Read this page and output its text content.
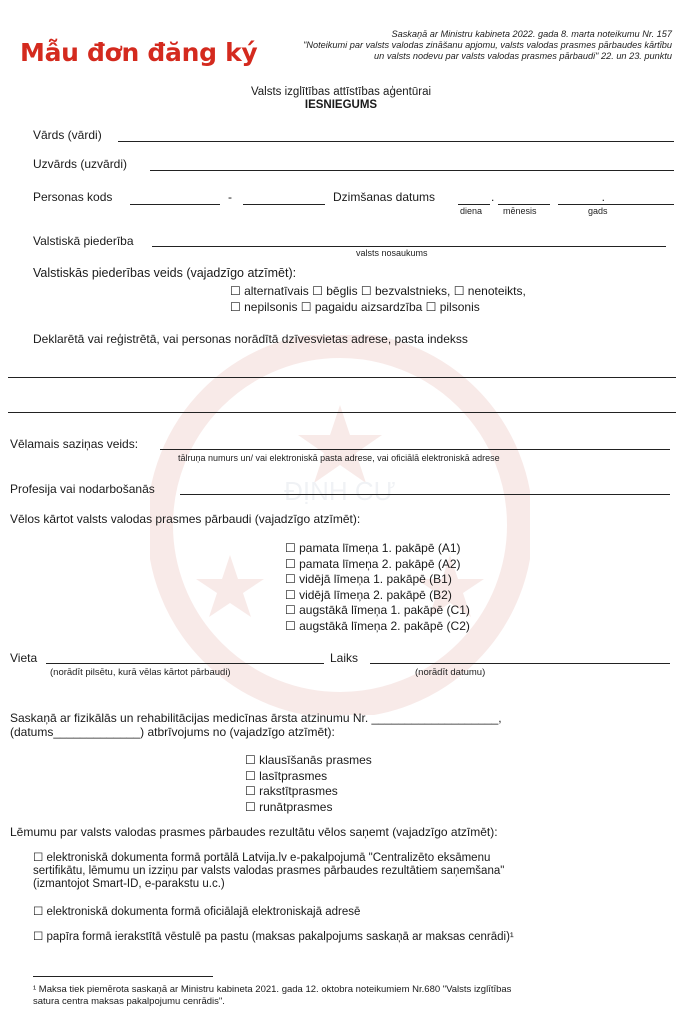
ĐỊNH CƯ
Mẫu đơn đăng ký
Saskaņā ar Ministru kabineta 2022. gada 8. marta noteikumu Nr. 157
"Noteikumi par valsts valodas zināšanu apjomu, valsts valodas prasmes pārbaudes kārtību
un valsts nodevu par valsts valodas prasmes pārbaudi" 22. un 23. punktu
Valsts izglītības attīstības aģentūrai
IESNIEGUMS
Vārds (vārdi)
Uzvārds (uzvārdi)
Personas kods	-	Dzimšanas datums	. .
diena mēnesis	gads
Valstiskā piederība
valsts nosaukums
Valstiskās piederības veids (vajadzīgo atzīmēt):
☐ alternatīvais ☐ bēglis ☐ bezvalstnieks, ☐ nenoteikts,
☐ nepilsonis ☐ pagaidu aizsardzība ☐ pilsonis
Deklarētā vai reģistrētā, vai personas norādītā dzīvesvietas adrese, pasta indekss
Vēlamais saziņas veids:
tālruņa numurs un/ vai elektroniskā pasta adrese, vai oficiālā elektroniskā adrese
Profesija vai nodarbošanās
Vēlos kārtot valsts valodas prasmes pārbaudi (vajadzīgo atzīmēt):
☐ pamata līmeņa 1. pakāpē (A1)
☐ pamata līmeņa 2. pakāpē (A2)
☐ vidējā līmeņa 1. pakāpē (B1)
☐ vidējā līmeņa 2. pakāpē (B2)
☐ augstākā līmeņa 1. pakāpē (C1)
☐ augstākā līmeņa 2. pakāpē (C2)
Vieta
(norādīt pilsētu, kurā vēlas kārtot pārbaudi)
Laiks
(norādīt datumu)
Saskaņā ar fizikālās un rehabilitācijas medicīnas ārsta atzinumu Nr. ___________________,
(datums_____________) atbrīvojums no (vajadzīgo atzīmēt):
☐ klausīšanās prasmes
☐ lasītprasmes
☐ rakstītprasmes
☐ runātprasmes
Lēmumu par valsts valodas prasmes pārbaudes rezultātu vēlos saņemt (vajadzīgo atzīmēt):
☐ elektroniskā dokumenta formā portālā Latvija.lv e-pakalpojumā "Centralizēto eksāmenu
sertifikātu, lēmumu un izziņu par valsts valodas prasmes pārbaudes rezultātiem saņemšana"
(izmantojot Smart-ID, e-parakstu u.c.)
☐ elektroniskā dokumenta formā oficiālajā elektroniskajā adresē
☐ papīra formā ierakstītā vēstulē pa pastu (maksas pakalpojums saskaņā ar maksas cenrādi)¹
¹ Maksa tiek piemērota saskaņā ar Ministru kabineta 2021. gada 12. oktobra noteikumiem Nr.680 "Valsts izglītības
satura centra maksas pakalpojumu cenrādis".
